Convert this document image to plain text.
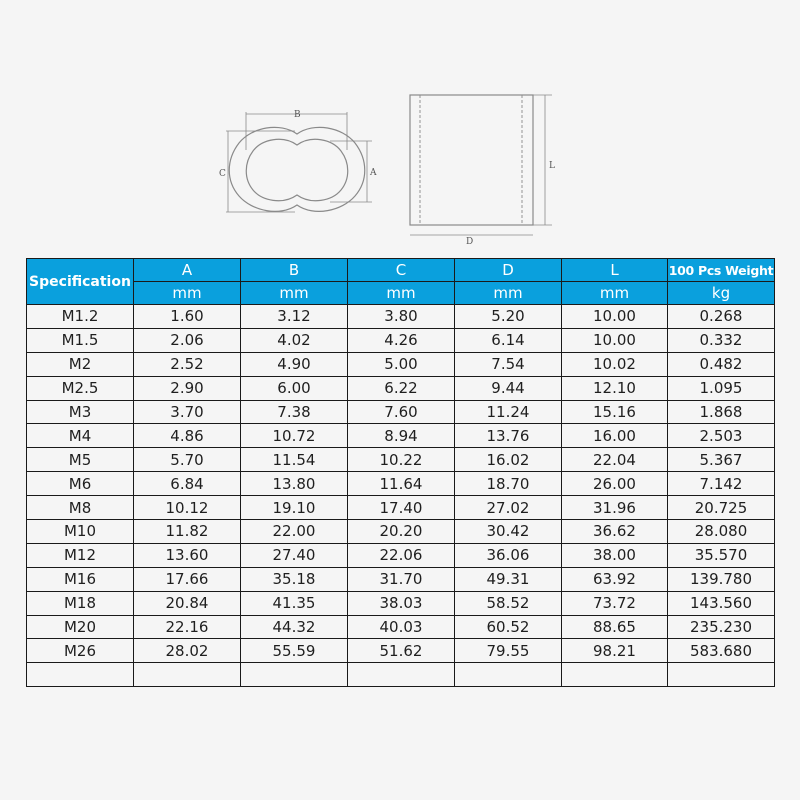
B
C	A
L
D
Specification	A	B	C	D	L	100 Pcs Weight
	mm	mm	mm	mm	mm	kg
M1.2	1.60	3.12	3.80	5.20	10.00	0.268
M1.5	2.06	4.02	4.26	6.14	10.00	0.332
M2	2.52	4.90	5.00	7.54	10.02	0.482
M2.5	2.90	6.00	6.22	9.44	12.10	1.095
M3	3.70	7.38	7.60	11.24	15.16	1.868
M4	4.86	10.72	8.94	13.76	16.00	2.503
M5	5.70	11.54	10.22	16.02	22.04	5.367
M6	6.84	13.80	11.64	18.70	26.00	7.142
M8	10.12	19.10	17.40	27.02	31.96	20.725
M10	11.82	22.00	20.20	30.42	36.62	28.080
M12	13.60	27.40	22.06	36.06	38.00	35.570
M16	17.66	35.18	31.70	49.31	63.92	139.780
M18	20.84	41.35	38.03	58.52	73.72	143.560
M20	22.16	44.32	40.03	60.52	88.65	235.230
M26	28.02	55.59	51.62	79.55	98.21	583.680
